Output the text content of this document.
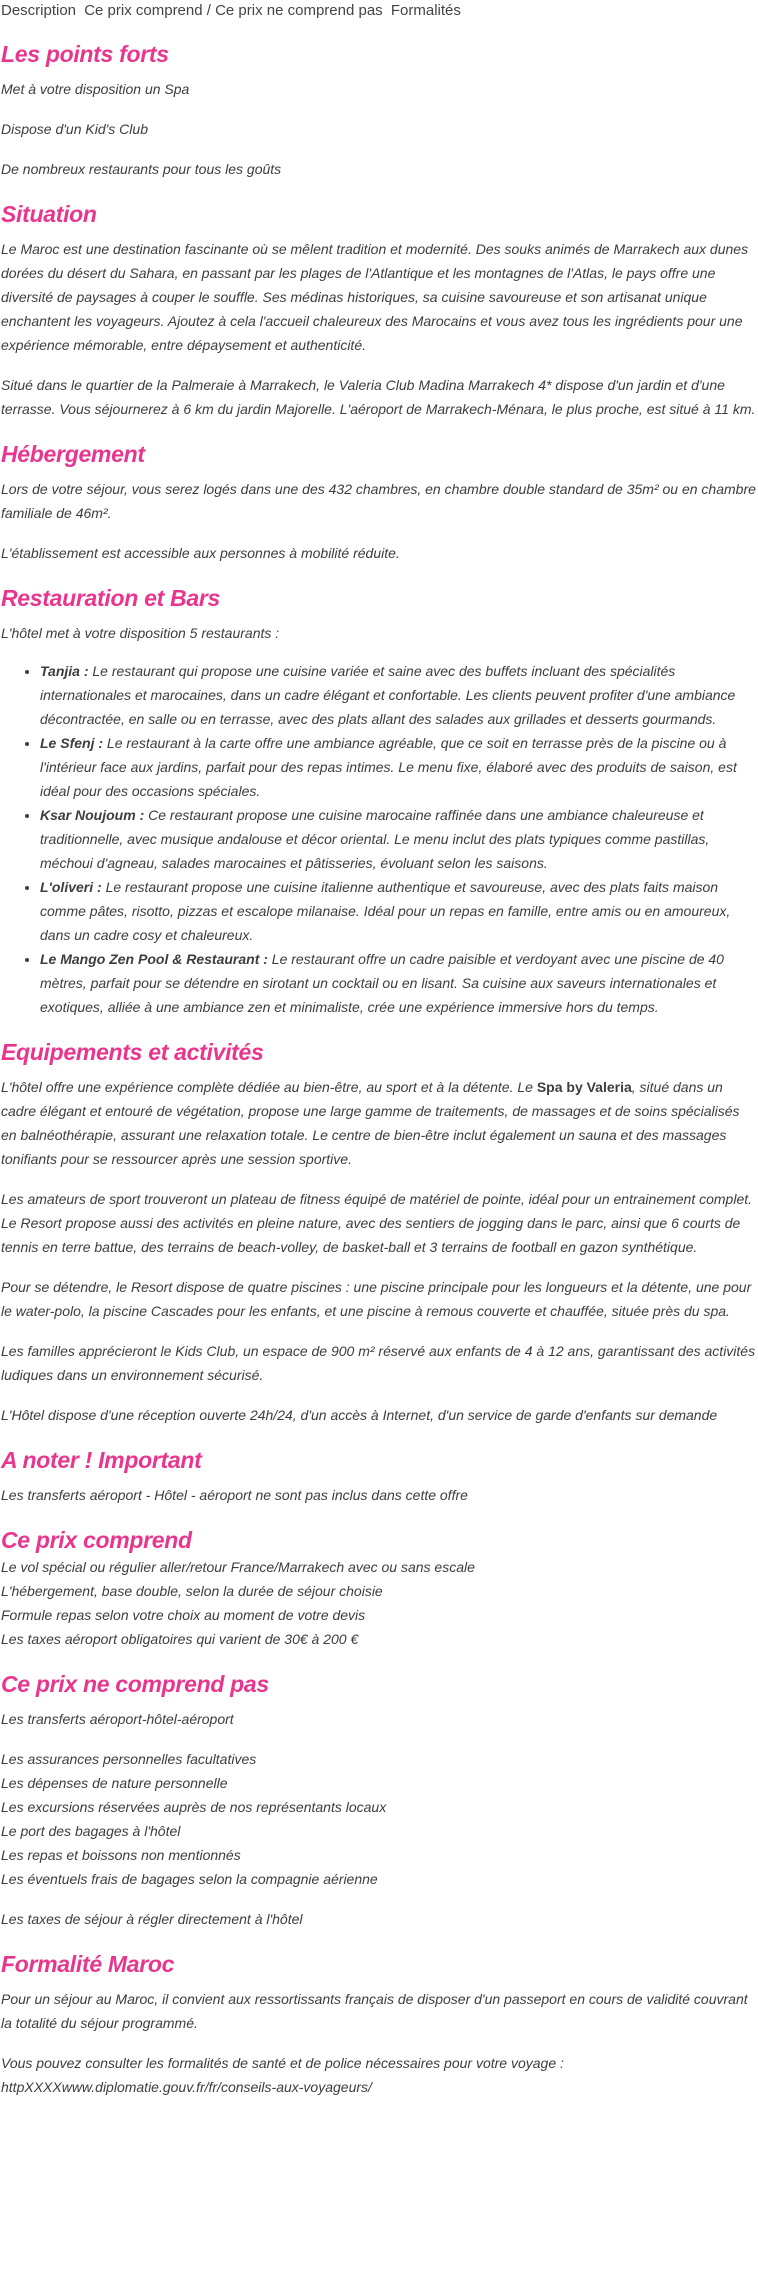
Description Ce prix comprend / Ce prix ne comprend pas Formalités
Les points forts

Met à votre disposition un Spa

Dispose d'un Kid's Club

De nombreux restaurants pour tous les goûts

Situation

Le Maroc est une destination fascinante où se mêlent tradition et modernité. Des souks animés de Marrakech aux dunes dorées du désert du Sahara, en passant par les plages de l'Atlantique et les montagnes de l'Atlas, le pays offre une diversité de paysages à couper le souffle. Ses médinas historiques, sa cuisine savoureuse et son artisanat unique enchantent les voyageurs. Ajoutez à cela l'accueil chaleureux des Marocains et vous avez tous les ingrédients pour une expérience mémorable, entre dépaysement et authenticité.

Situé dans le quartier de la Palmeraie à Marrakech, le Valeria Club Madina Marrakech 4* dispose d'un jardin et d'une terrasse. Vous séjournerez à 6 km du jardin Majorelle. L'aéroport de Marrakech-Ménara, le plus proche, est situé à 11 km.

Hébergement

Lors de votre séjour, vous serez logés dans une des 432 chambres, en chambre double standard de 35m² ou en chambre familiale de 46m².

L'établissement est accessible aux personnes à mobilité réduite.

Restauration et Bars

L'hôtel met à votre disposition 5 restaurants :

• Tanjia : Le restaurant qui propose une cuisine variée et saine avec des buffets incluant des spécialités internationales et marocaines, dans un cadre élégant et confortable. Les clients peuvent profiter d'une ambiance décontractée, en salle ou en terrasse, avec des plats allant des salades aux grillades et desserts gourmands.
• Le Sfenj : Le restaurant à la carte offre une ambiance agréable, que ce soit en terrasse près de la piscine ou à l'intérieur face aux jardins, parfait pour des repas intimes. Le menu fixe, élaboré avec des produits de saison, est idéal pour des occasions spéciales.
• Ksar Noujoum : Ce restaurant propose une cuisine marocaine raffinée dans une ambiance chaleureuse et traditionnelle, avec musique andalouse et décor oriental. Le menu inclut des plats typiques comme pastillas, méchoui d'agneau, salades marocaines et pâtisseries, évoluant selon les saisons.
• L'oliveri : Le restaurant propose une cuisine italienne authentique et savoureuse, avec des plats faits maison comme pâtes, risotto, pizzas et escalope milanaise. Idéal pour un repas en famille, entre amis ou en amoureux, dans un cadre cosy et chaleureux.
• Le Mango Zen Pool & Restaurant : Le restaurant offre un cadre paisible et verdoyant avec une piscine de 40 mètres, parfait pour se détendre en sirotant un cocktail ou en lisant. Sa cuisine aux saveurs internationales et exotiques, alliée à une ambiance zen et minimaliste, crée une expérience immersive hors du temps.
Equipements et activités

L'hôtel offre une expérience complète dédiée au bien-être, au sport et à la détente. Le Spa by Valeria, situé dans un cadre élégant et entouré de végétation, propose une large gamme de traitements, de massages et de soins spécialisés en balnéothérapie, assurant une relaxation totale. Le centre de bien-être inclut également un sauna et des massages tonifiants pour se ressourcer après une session sportive.

Les amateurs de sport trouveront un plateau de fitness équipé de matériel de pointe, idéal pour un entrainement complet. Le Resort propose aussi des activités en pleine nature, avec des sentiers de jogging dans le parc, ainsi que 6 courts de tennis en terre battue, des terrains de beach-volley, de basket-ball et 3 terrains de football en gazon synthétique.

Pour se détendre, le Resort dispose de quatre piscines : une piscine principale pour les longueurs et la détente, une pour le water-polo, la piscine Cascades pour les enfants, et une piscine à remous couverte et chauffée, située près du spa.

Les familles apprécieront le Kids Club, un espace de 900 m² réservé aux enfants de 4 à 12 ans, garantissant des activités ludiques dans un environnement sécurisé.

L'Hôtel dispose d'une réception ouverte 24h/24, d'un accès à Internet, d'un service de garde d'enfants sur demande

A noter ! Important

Les transferts aéroport - Hôtel - aéroport ne sont pas inclus dans cette offre

Ce prix comprend

Le vol spécial ou régulier aller/retour France/Marrakech avec ou sans escale

L'hébergement, base double, selon la durée de séjour choisie

Formule repas selon votre choix au moment de votre devis

Les taxes aéroport obligatoires qui varient de 30€ à 200 €

Ce prix ne comprend pas

Les transferts aéroport-hôtel-aéroport

Les assurances personnelles facultatives

Les dépenses de nature personnelle

Les excursions réservées auprès de nos représentants locaux

Le port des bagages à l'hôtel

Les repas et boissons non mentionnés

Les éventuels frais de bagages selon la compagnie aérienne

Les taxes de séjour à régler directement à l'hôtel

Formalité Maroc

Pour un séjour au Maroc, il convient aux ressortissants français de disposer d'un passeport en cours de validité couvrant la totalité du séjour programmé.

Vous pouvez consulter les formalités de santé et de police nécessaires pour votre voyage :
httpXXXXwww.diplomatie.gouv.fr/fr/conseils-aux-voyageurs/
